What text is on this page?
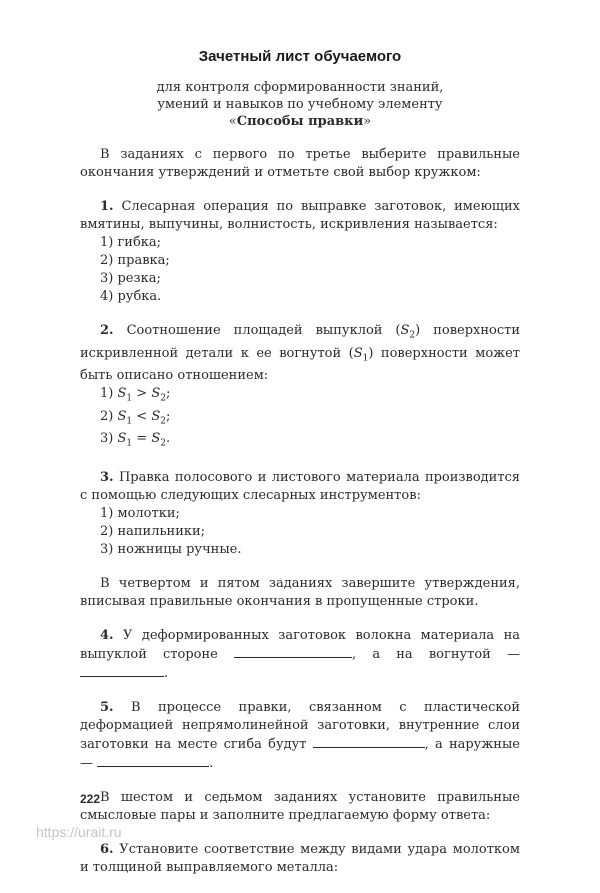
Зачетный лист обучаемого
для контроля сформированности знаний,
умений и навыков по учебному элементу
«Способы правки»

В заданиях с первого по третье выберите правильные окончания утверждений и отметьте свой выбор кружком:

1. Слесарная операция по выправке заготовок, имеющих вмятины, выпучины, волнистость, искривления называется:

1) гибка;
2) правка;
3) резка;
4) рубка.

2. Соотношение площадей выпуклой $(S_2)$ поверхности искривленной детали к ее вогнутой $(S_1)$ поверхности может быть описано отношением:

1) $S_1 > S_2$;
2) $S_1 < S_2$;
3) $S_1 = S_2$.

3. Правка полосового и листового материала производится с помощью следующих слесарных инструментов:

1) молотки;
2) напильники;
3) ножницы ручные.

В четвертом и пятом заданиях завершите утверждения, вписывая правильные окончания в пропущенные строки.

4. У деформированных заготовок волокна материала на выпуклой стороне	, а на вогнутой — .

5. В процессе правки, связанном с пластической деформацией непрямолинейной заготовки, внутренние слои заготовки на месте сгиба будут	, а наружные —	.

В шестом и седьмом заданиях установите правильные смысловые пары и заполните предлагаемую форму ответа:

6. Установите соответствие между видами удара молотком и толщиной выправляемого металла:

222
https://urait.ru
